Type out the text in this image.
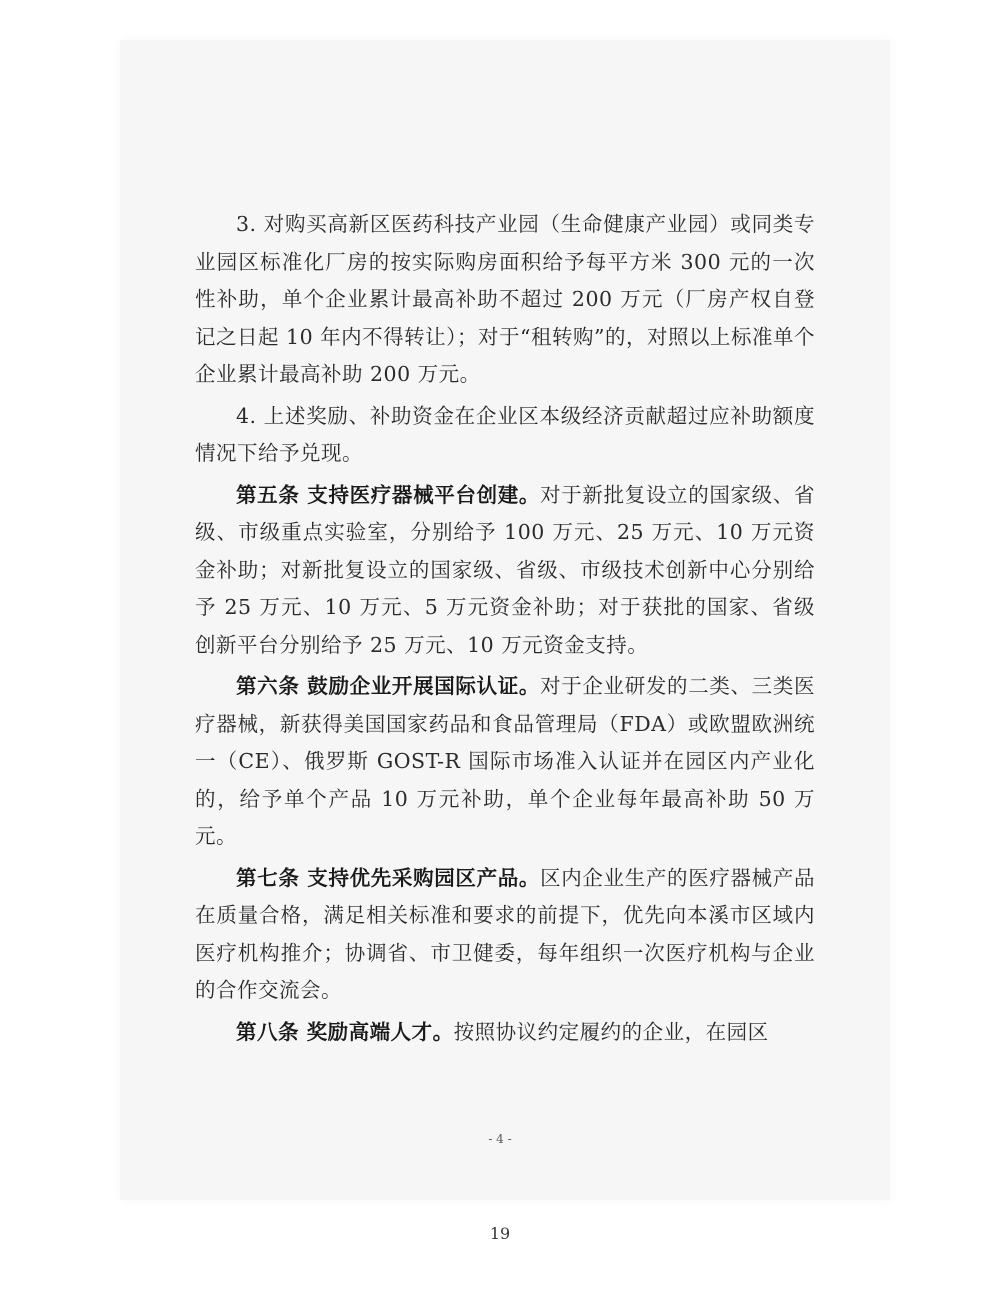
3. 对购买高新区医药科技产业园（生命健康产业园）或同类专业园区标准化厂房的按实际购房面积给予每平方米 300 元的一次性补助，单个企业累计最高补助不超过 200 万元（厂房产权自登记之日起 10 年内不得转让）；对于“租转购”的，对照以上标准单个企业累计最高补助 200 万元。

4. 上述奖励、补助资金在企业区本级经济贡献超过应补助额度情况下给予兑现。

第五条 支持医疗器械平台创建。对于新批复设立的国家级、省级、市级重点实验室，分别给予 100 万元、25 万元、10 万元资金补助；对新批复设立的国家级、省级、市级技术创新中心分别给予 25 万元、10 万元、5 万元资金补助；对于获批的国家、省级创新平台分别给予 25 万元、10 万元资金支持。

第六条 鼓励企业开展国际认证。对于企业研发的二类、三类医疗器械，新获得美国国家药品和食品管理局（FDA）或欧盟欧洲统一（CE）、俄罗斯 GOST-R 国际市场准入认证并在园区内产业化的，给予单个产品 10 万元补助，单个企业每年最高补助 50 万元。

第七条 支持优先采购园区产品。区内企业生产的医疗器械产品在质量合格，满足相关标准和要求的前提下，优先向本溪市区域内医疗机构推介；协调省、市卫健委，每年组织一次医疗机构与企业的合作交流会。

第八条 奖励高端人才。按照协议约定履约的企业，在园区

- 4 -
19
